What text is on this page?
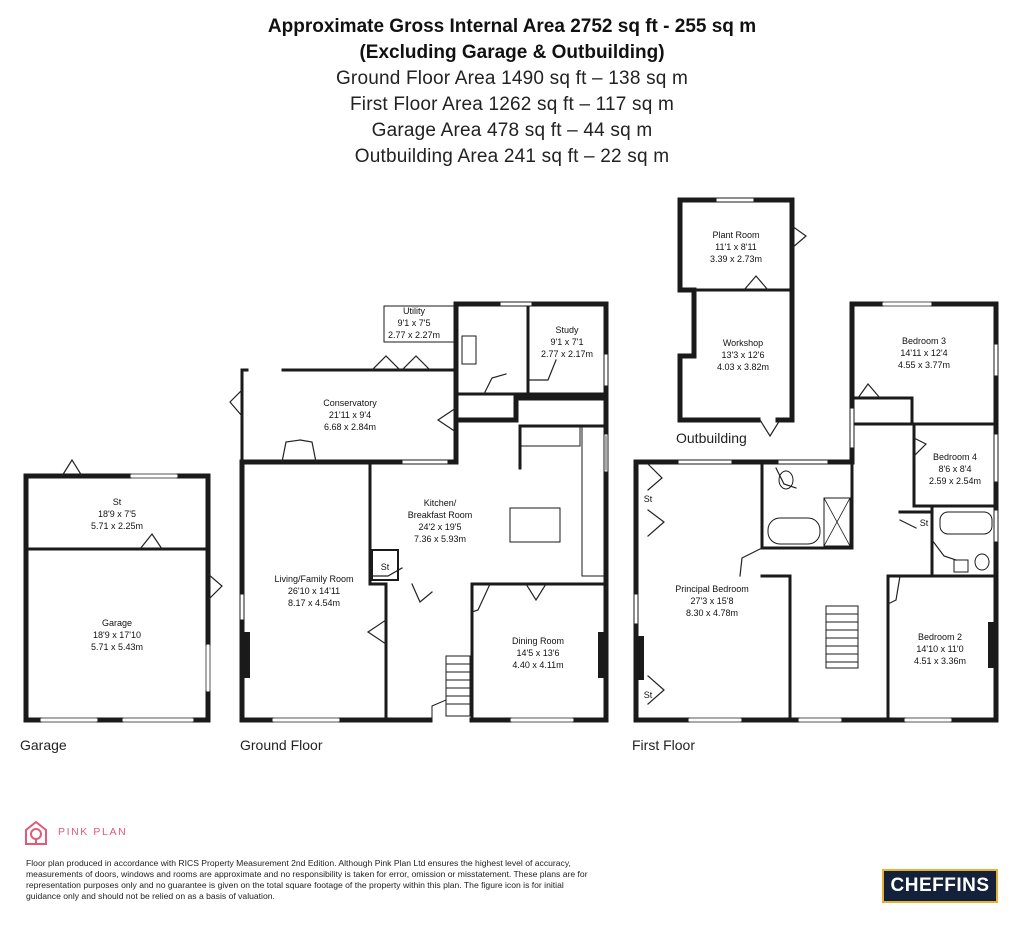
Approximate Gross Internal Area 2752 sq ft - 255 sq m
(Excluding Garage & Outbuilding)
Ground Floor Area 1490 sq ft – 138 sq m
First Floor Area 1262 sq ft – 117 sq m
Garage Area 478 sq ft – 44 sq m
Outbuilding Area 241 sq ft – 22 sq m
St
18'9 x 7'5
5.71 x 2.25m
Garage
18'9 x 17'10
5.71 x 5.43m
Utility
9'1 x 7'5
2.77 x 2.27m	Study
9'1 x 7'1
2.77 x 2.17m
Conservatory
21'11 x 9'4
6.68 x 2.84m
Kitchen/
Breakfast Room
24'2 x 19'5
7.36 x 5.93m
Living/Family Room
26'10 x 14'11
8.17 x 4.54m
Dining Room
14'5 x 13'6
4.40 x 4.11m
St
Plant Room
11'1 x 8'11
3.39 x 2.73m
Workshop
13'3 x 12'6
4.03 x 3.82m
Bedroom 3
14'11 x 12'4
4.55 x 3.77m
Bedroom 4
8'6 x 8'4
2.59 x 2.54m
Principal Bedroom
27'3 x 15'8
8.30 x 4.78m
Bedroom 2
14'10 x 11'0
4.51 x 3.36m
St
St
St
Garage	Ground Floor	First Floor
Outbuilding
PINK PLAN
Floor plan produced in accordance with RICS Property Measurement 2nd Edition. Although Pink Plan Ltd ensures the highest level of accuracy, measurements of doors, windows and rooms are approximate and no responsibility is taken for error, omission or misstatement. These plans are for representation purposes only and no guarantee is given on the total square footage of the property within this plan. The figure icon is for initial guidance only and should not be relied on as a basis of valuation.	CHEFFINS
